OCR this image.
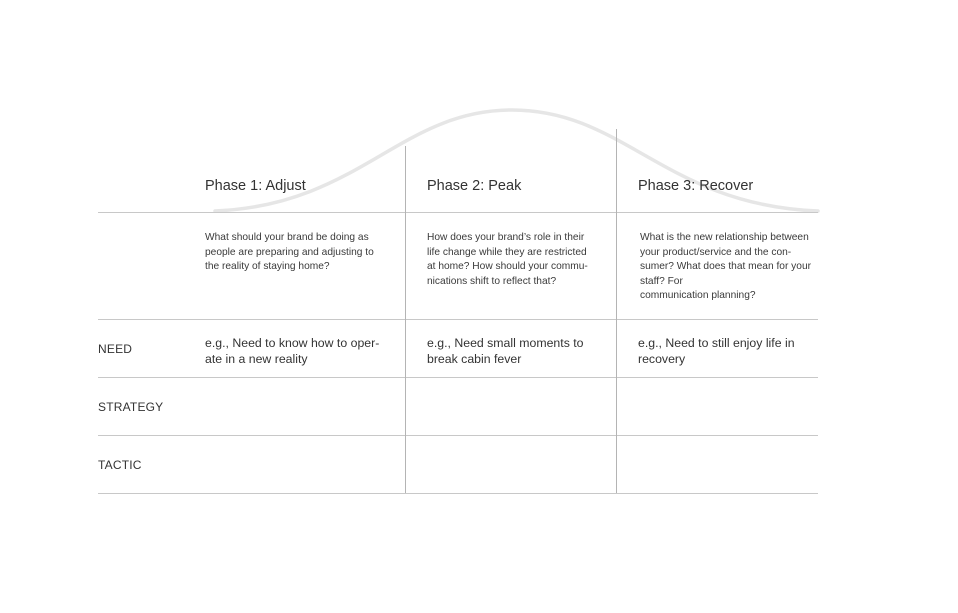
Phase 1: Adjust	Phase 2: Peak	Phase 3: Recover
What should your brand be doing as
people are preparing and adjusting to
the reality of staying home?
How does your brand’s role in their
life change while they are restricted
at home? How should your commu-
nications shift to reflect that?
What is the new relationship between
your product/service and the con-
sumer? What does that mean for your
staff? For
communication planning?
NEED
STRATEGY
TACTIC
e.g., Need to know how to oper-
ate in a new reality
e.g., Need small moments to
break cabin fever
e.g., Need to still enjoy life in
recovery
